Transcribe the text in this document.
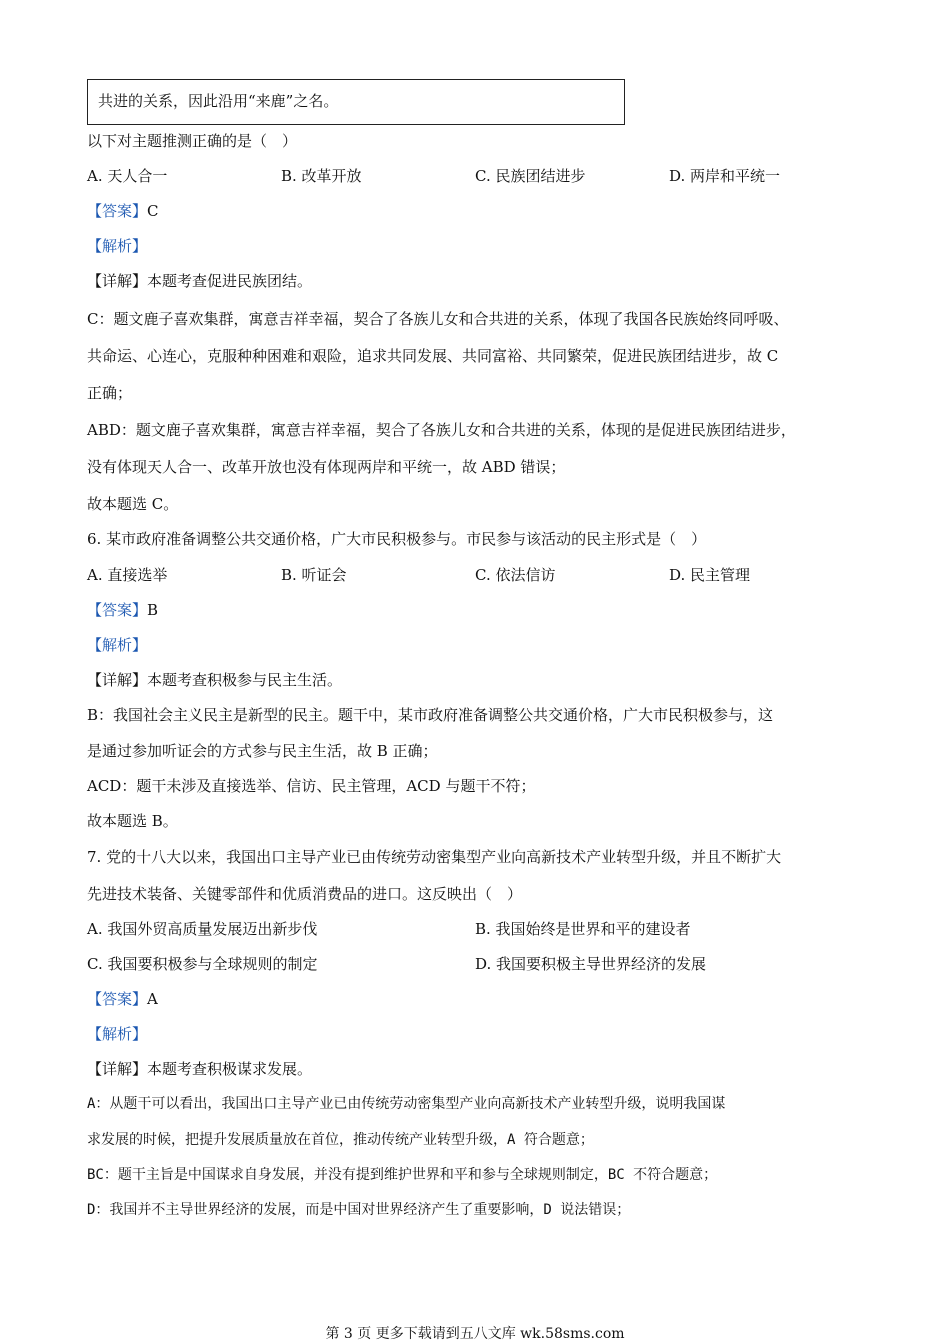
共进的关系，因此沿用“来鹿”之名。
以下对主题推测正确的是（　）
A. 天人合一	B. 改革开放	C. 民族团结进步	D. 两岸和平统一
【答案】C
【解析】
【详解】本题考查促进民族团结。
C：题文鹿子喜欢集群，寓意吉祥幸福，契合了各族儿女和合共进的关系，体现了我国各民族始终同呼吸、
共命运、心连心，克服种种困难和艰险，追求共同发展、共同富裕、共同繁荣，促进民族团结进步，故 C
正确；
ABD：题文鹿子喜欢集群，寓意吉祥幸福，契合了各族儿女和合共进的关系，体现的是促进民族团结进步，
没有体现天人合一、改革开放也没有体现两岸和平统一，故 ABD 错误；
故本题选 C。
6. 某市政府准备调整公共交通价格，广大市民积极参与。市民参与该活动的民主形式是（　）
A. 直接选举	B. 听证会	C. 依法信访	D. 民主管理
【答案】B
【解析】
【详解】本题考查积极参与民主生活。
B：我国社会主义民主是新型的民主。题干中，某市政府准备调整公共交通价格，广大市民积极参与，这
是通过参加听证会的方式参与民主生活，故 B 正确；
ACD：题干未涉及直接选举、信访、民主管理，ACD 与题干不符；
故本题选 B。
7. 党的十八大以来，我国出口主导产业已由传统劳动密集型产业向高新技术产业转型升级，并且不断扩大
先进技术装备、关键零部件和优质消费品的进口。这反映出（　）
A. 我国外贸高质量发展迈出新步伐	B. 我国始终是世界和平的建设者
C. 我国要积极参与全球规则的制定	D. 我国要积极主导世界经济的发展
【答案】A
【解析】
【详解】本题考查积极谋求发展。
A：从题干可以看出，我国出口主导产业已由传统劳动密集型产业向高新技术产业转型升级，说明我国谋
求发展的时候，把提升发展质量放在首位，推动传统产业转型升级，A 符合题意；
BC：题干主旨是中国谋求自身发展，并没有提到维护世界和平和参与全球规则制定，BC 不符合题意；
D：我国并不主导世界经济的发展，而是中国对世界经济产生了重要影响，D 说法错误；
第 3 页 更多下载请到五八文库 wk.58sms.com
